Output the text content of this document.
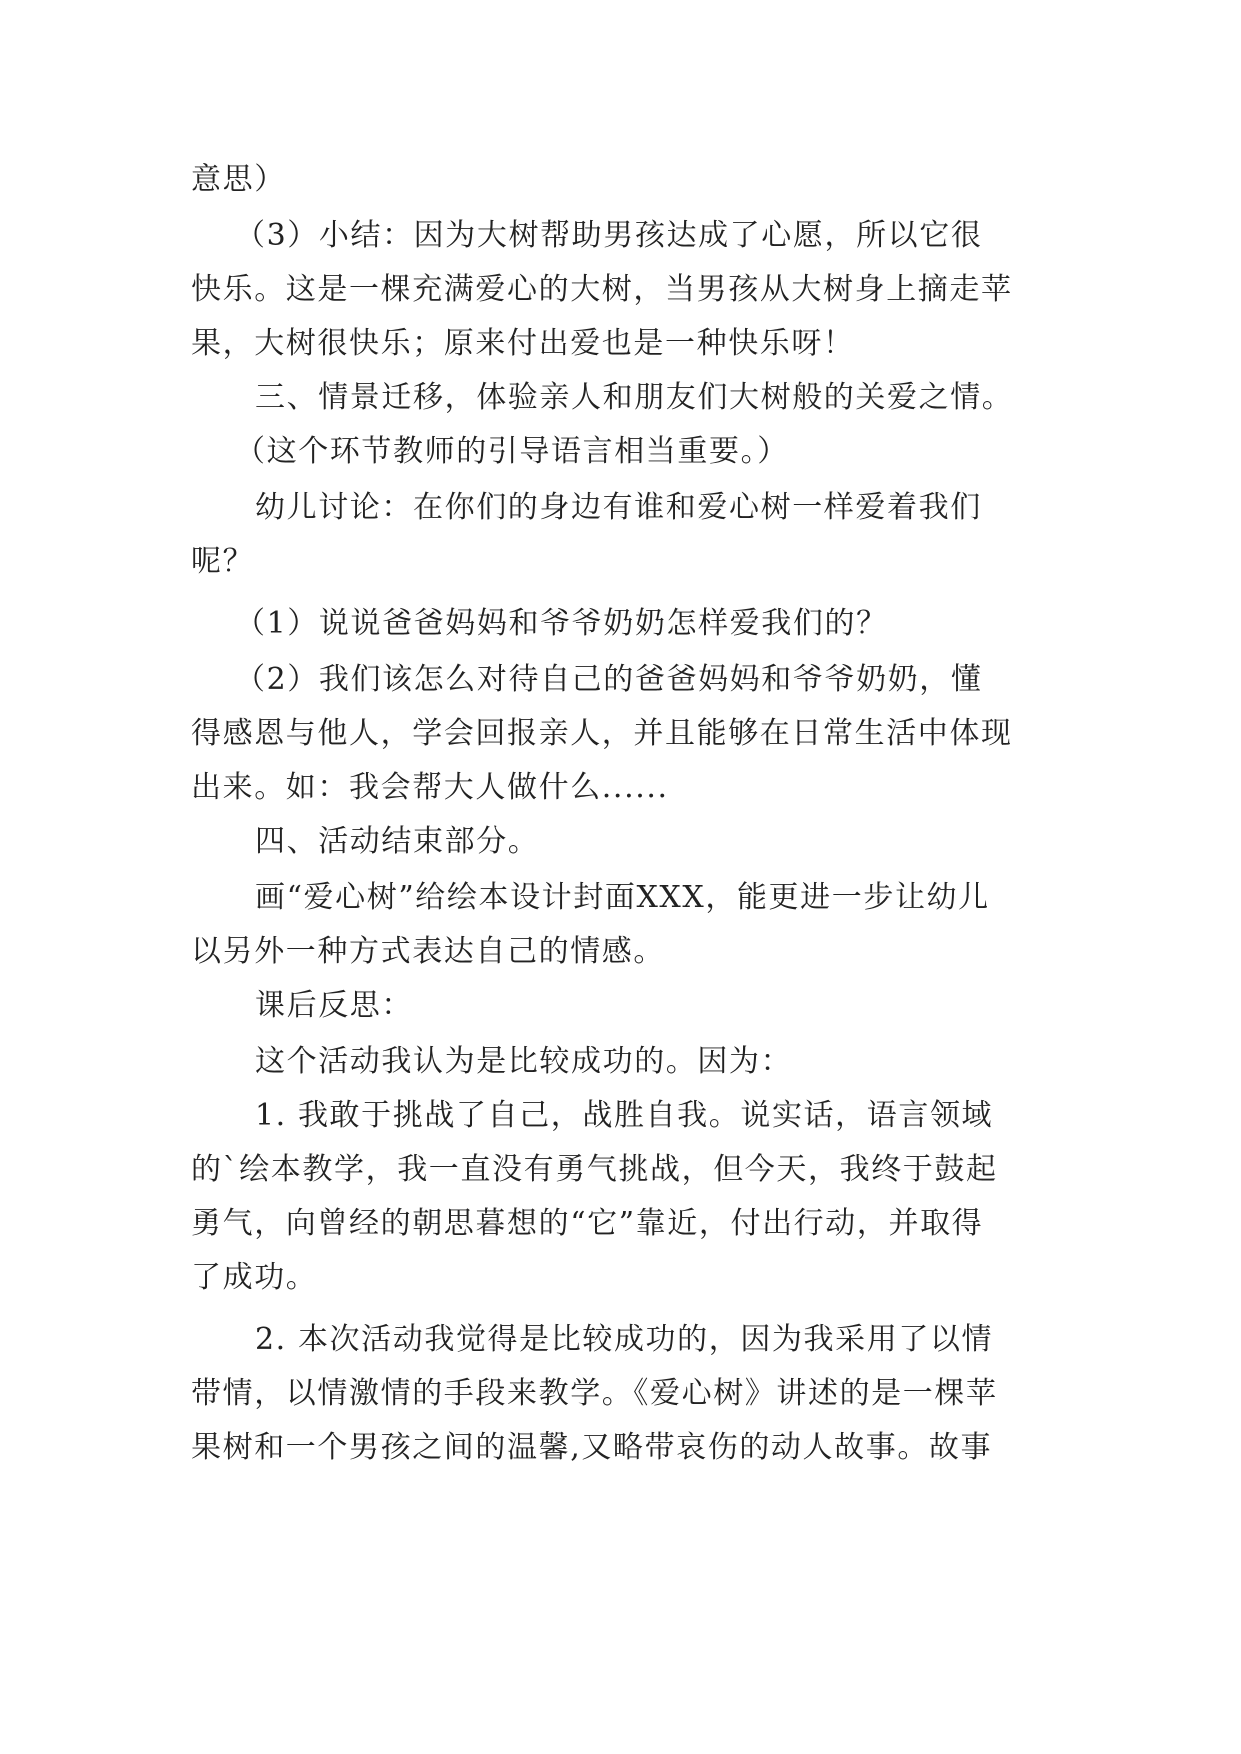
意思）
（3）小结：因为大树帮助男孩达成了心愿，所以它很
快乐。这是一棵充满爱心的大树，当男孩从大树身上摘走苹
果，大树很快乐；原来付出爱也是一种快乐呀！
三、情景迁移，体验亲人和朋友们大树般的关爱之情。
（这个环节教师的引导语言相当重要。）
幼儿讨论：在你们的身边有谁和爱心树一样爱着我们
呢？
（1）说说爸爸妈妈和爷爷奶奶怎样爱我们的？
（2）我们该怎么对待自己的爸爸妈妈和爷爷奶奶，懂
得感恩与他人，学会回报亲人，并且能够在日常生活中体现
出来。如：我会帮大人做什么......
四、活动结束部分。
画“爱心树”给绘本设计封面XXX，能更进一步让幼儿
以另外一种方式表达自己的情感。
课后反思：
这个活动我认为是比较成功的。因为：
1. 我敢于挑战了自己，战胜自我。说实话，语言领域
的`绘本教学，我一直没有勇气挑战，但今天，我终于鼓起
勇气，向曾经的朝思暮想的“它”靠近，付出行动，并取得
了成功。
2. 本次活动我觉得是比较成功的，因为我采用了以情
带情，以情激情的手段来教学。《爱心树》讲述的是一棵苹
果树和一个男孩之间的温馨,又略带哀伤的动人故事。故事
